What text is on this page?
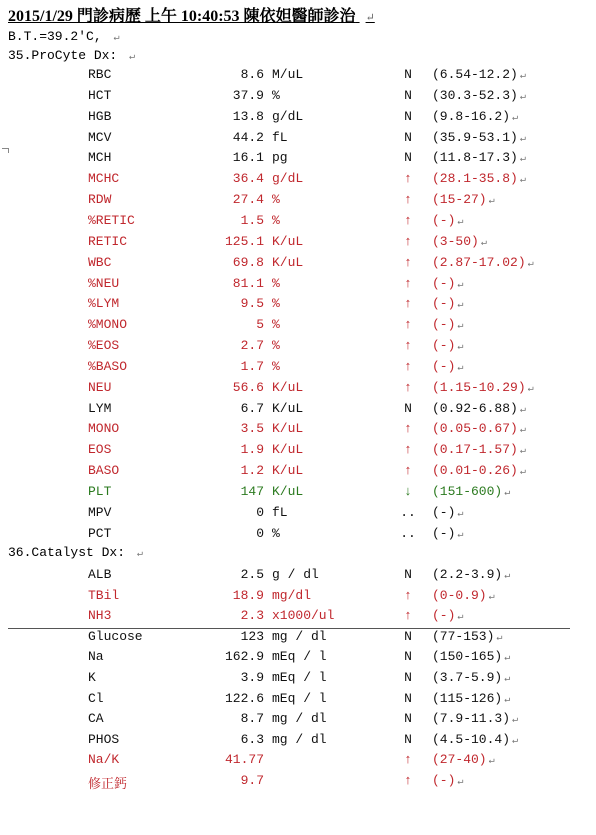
2015/1/29 門診病歷 上午 10:40:53 陳依妲醫師診治 ↵
B.T.=39.2'C, ↵
35.ProCyte Dx: ↵
RBC	8.6 M/uL	N	(6.54-12.2) ↵
HCT	37.9 %	N	(30.3-52.3) ↵
HGB	13.8 g/dL	N	(9.8-16.2) ↵
MCV	44.2 fL	N	(35.9-53.1) ↵
MCH	16.1 pg	N	(11.8-17.3) ↵
MCHC	36.4 g/dL	↑	(28.1-35.8) ↵
RDW	27.4 %	↑	(15-27) ↵
%RETIC	1.5 %	↑	(-) ↵
RETIC	125.1 K/uL	↑	(3-50) ↵
WBC	69.8 K/uL	↑	(2.87-17.02) ↵
%NEU	81.1 %	↑	(-) ↵
%LYM	9.5 %	↑	(-) ↵
%MONO	5 %	↑	(-) ↵
%EOS	2.7 %	↑	(-) ↵
%BASO	1.7 %	↑	(-) ↵
NEU	56.6 K/uL	↑	(1.15-10.29) ↵
LYM	6.7 K/uL	N	(0.92-6.88) ↵
MONO	3.5 K/uL	↑	(0.05-0.67) ↵
EOS	1.9 K/uL	↑	(0.17-1.57) ↵
BASO	1.2 K/uL	↑	(0.01-0.26) ↵
PLT	147 K/uL	↓	(151-600) ↵
MPV	0 fL	.. (-) ↵
PCT	0 %	.. (-) ↵
36.Catalyst Dx: ↵
ALB	2.5 g / dl	N	(2.2-3.9) ↵
TBil	18.9 mg/dl	↑	(0-0.9) ↵
NH3	2.3 x1000/ul	↑	(-) ↵
Glucose	123 mg / dl	N	(77-153) ↵
Na	162.9 mEq / l	N	(150-165) ↵
K	3.9 mEq / l	N	(3.7-5.9) ↵
Cl	122.6 mEq / l	N	(115-126) ↵
CA	8.7 mg / dl	N	(7.9-11.3) ↵
PHOS	6.3 mg / dl	N	(4.5-10.4) ↵
Na/K	41.77	↑	(27-40) ↵
修正鈣	9.7	↑	(-) ↵
